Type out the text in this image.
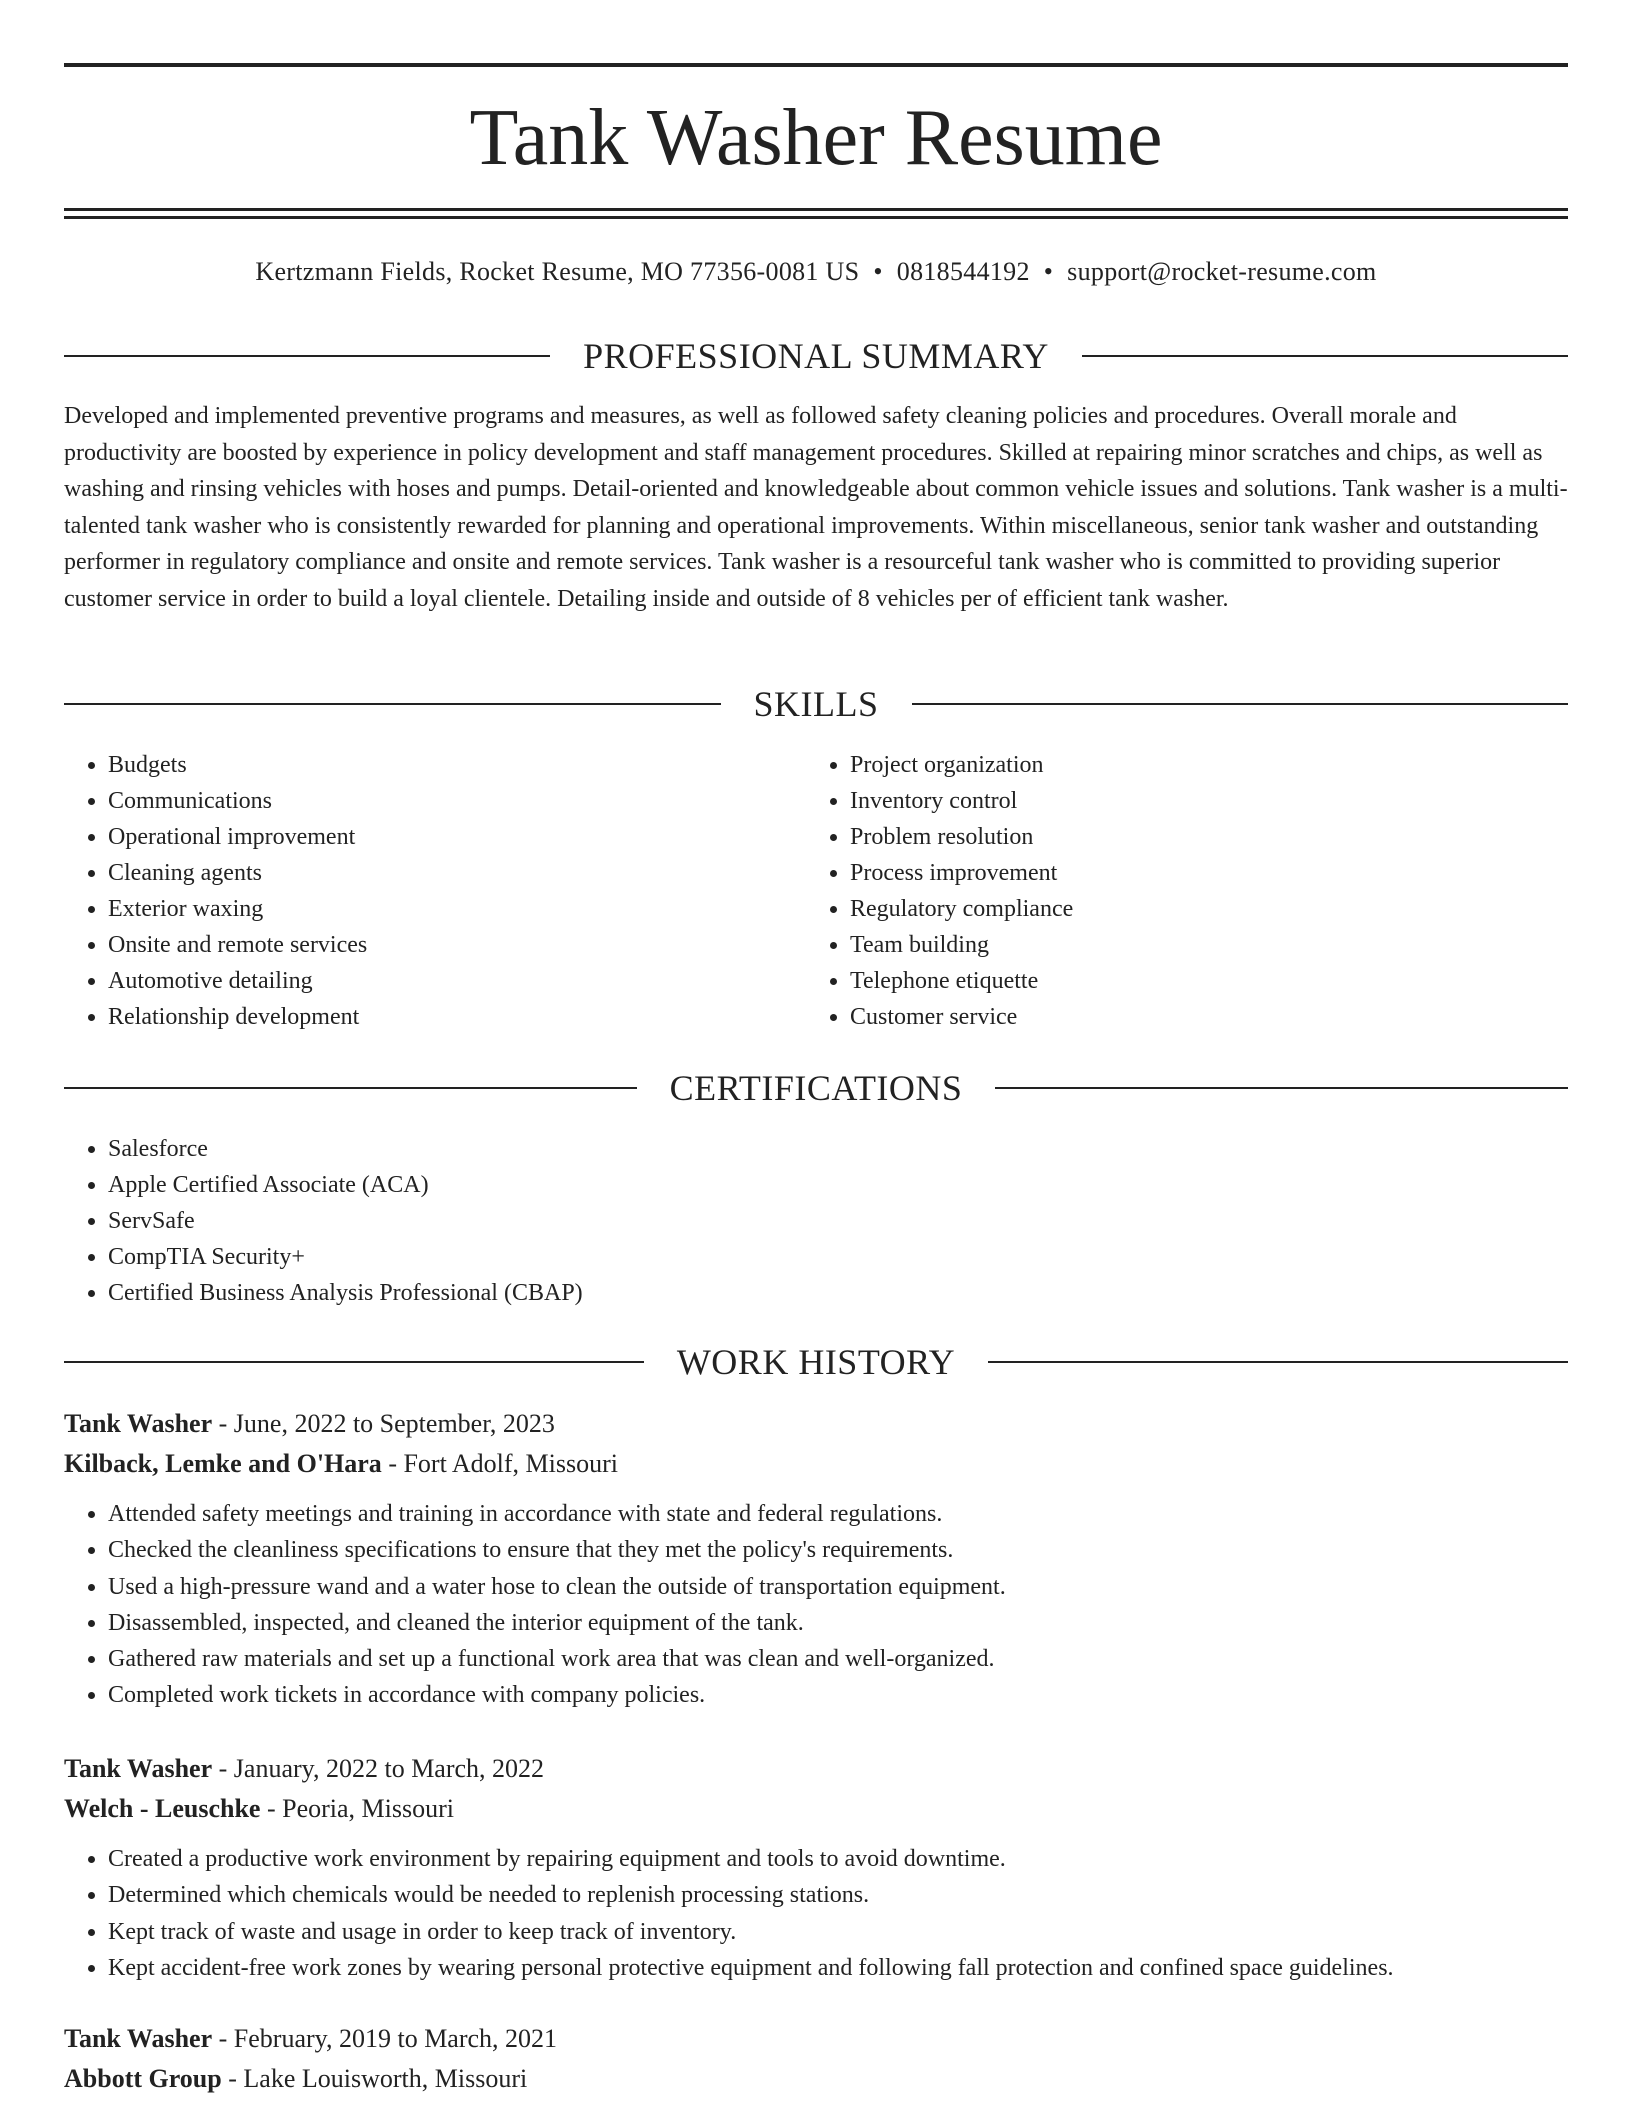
Tank Washer Resume
Kertzmann Fields, Rocket Resume, MO 77356-0081 US • 0818544192 • support@rocket-resume.com
PROFESSIONAL SUMMARY

Developed and implemented preventive programs and measures, as well as followed safety cleaning policies and procedures. Overall morale and productivity are boosted by experience in policy development and staff management procedures. Skilled at repairing minor scratches and chips, as well as washing and rinsing vehicles with hoses and pumps. Detail-oriented and knowledgeable about common vehicle issues and solutions. Tank washer is a multi-talented tank washer who is consistently rewarded for planning and operational improvements. Within miscellaneous, senior tank washer and outstanding performer in regulatory compliance and onsite and remote services. Tank washer is a resourceful tank washer who is committed to providing superior customer service in order to build a loyal clientele. Detailing inside and outside of 8 vehicles per of efficient tank washer.

SKILLS
• Budgets
• Communications
• Operational improvement
• Cleaning agents
• Exterior waxing
• Onsite and remote services
• Automotive detailing
• Relationship development
• Project organization
• Inventory control
• Problem resolution
• Process improvement
• Regulatory compliance
• Team building
• Telephone etiquette
• Customer service
CERTIFICATIONS
• Salesforce
• Apple Certified Associate (ACA)
• ServSafe
• CompTIA Security+
• Certified Business Analysis Professional (CBAP)
WORK HISTORY

Tank Washer - June, 2022 to September, 2023

Kilback, Lemke and O'Hara - Fort Adolf, Missouri

• Attended safety meetings and training in accordance with state and federal regulations.
• Checked the cleanliness specifications to ensure that they met the policy's requirements.
• Used a high-pressure wand and a water hose to clean the outside of transportation equipment.
• Disassembled, inspected, and cleaned the interior equipment of the tank.
• Gathered raw materials and set up a functional work area that was clean and well-organized.
• Completed work tickets in accordance with company policies.

Tank Washer - January, 2022 to March, 2022

Welch - Leuschke - Peoria, Missouri

• Created a productive work environment by repairing equipment and tools to avoid downtime.
• Determined which chemicals would be needed to replenish processing stations.
• Kept track of waste and usage in order to keep track of inventory.
• Kept accident-free work zones by wearing personal protective equipment and following fall protection and confined space guidelines.

Tank Washer - February, 2019 to March, 2021

Abbott Group - Lake Louisworth, Missouri
